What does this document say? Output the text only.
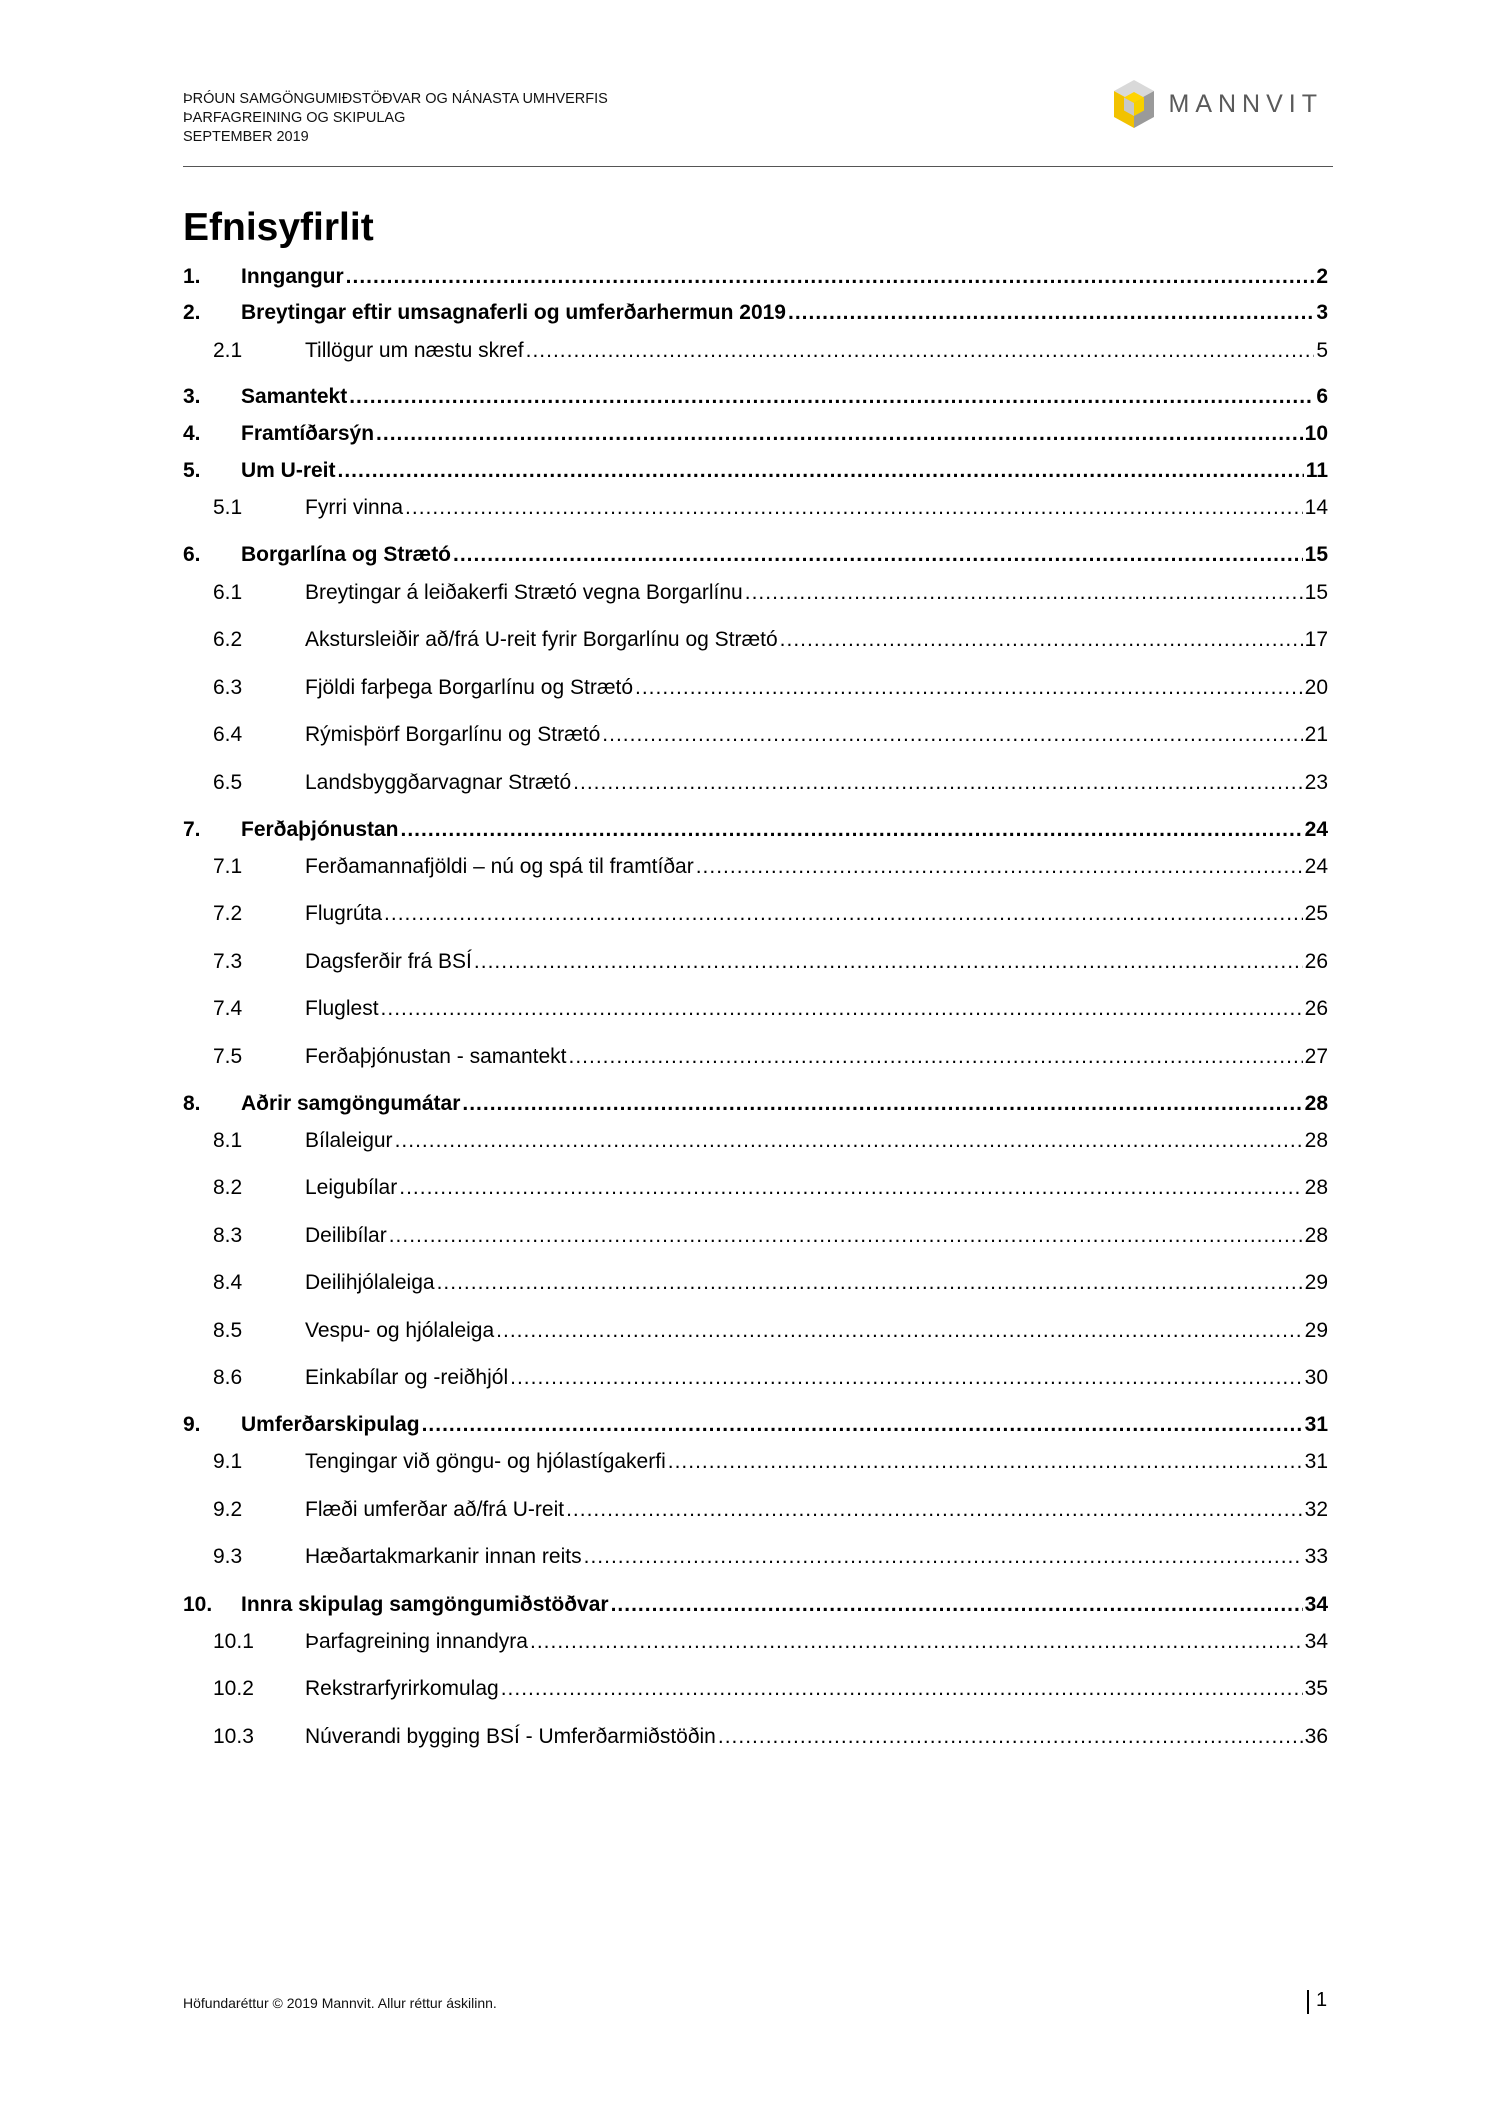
ÞRÓUN SAMGÖNGUMIÐSTÖÐVAR OG NÁNASTA UMHVERFIS
ÞARFAGREINING OG SKIPULAG
SEPTEMBER 2019
MANNVIT
Efnisyfirlit
1.	Inngangur .....	2
2.	Breytingar eftir umsagnaferli og umferðarhermun 2019 .....	3
2.1	Tillögur um næstu skref .....	5
3.	Samantekt .....	6
4.	Framtíðarsýn .....	10
5.	Um U-reit .....	11
5.1	Fyrri vinna .....	14
6.	Borgarlína og Strætó .....	15
6.1	Breytingar á leiðakerfi Strætó vegna Borgarlínu .....	15
6.2	Akstursleiðir að/frá U-reit fyrir Borgarlínu og Strætó .....	17
6.3	Fjöldi farþega Borgarlínu og Strætó .....	20
6.4	Rýmisþörf Borgarlínu og Strætó .....	21
6.5	Landsbyggðarvagnar Strætó .....	23
7.	Ferðaþjónustan .....	24
7.1	Ferðamannafjöldi – nú og spá til framtíðar .....	24
7.2	Flugrúta .....	25
7.3	Dagsferðir frá BSÍ .....	26
7.4	Fluglest .....	26
7.5	Ferðaþjónustan - samantekt .....	27
8.	Aðrir samgöngumátar .....	28
8.1	Bílaleigur .....	28
8.2	Leigubílar .....	28
8.3	Deilibílar .....	28
8.4	Deilihjólaleiga .....	29
8.5	Vespu- og hjólaleiga .....	29
8.6	Einkabílar og -reiðhjól .....	30
9.	Umferðarskipulag .....	31
9.1	Tengingar við göngu- og hjólastígakerfi .....	31
9.2	Flæði umferðar að/frá U-reit .....	32
9.3	Hæðartakmarkanir innan reits .....	33
10.	Innra skipulag samgöngumiðstöðvar .....	34
10.1	Þarfagreining innandyra .....	34
10.2	Rekstrarfyrirkomulag .....	35
10.3	Núverandi bygging BSÍ - Umferðarmiðstöðin .....	36
Höfundaréttur © 2019 Mannvit. Allur réttur áskilinn.	1
